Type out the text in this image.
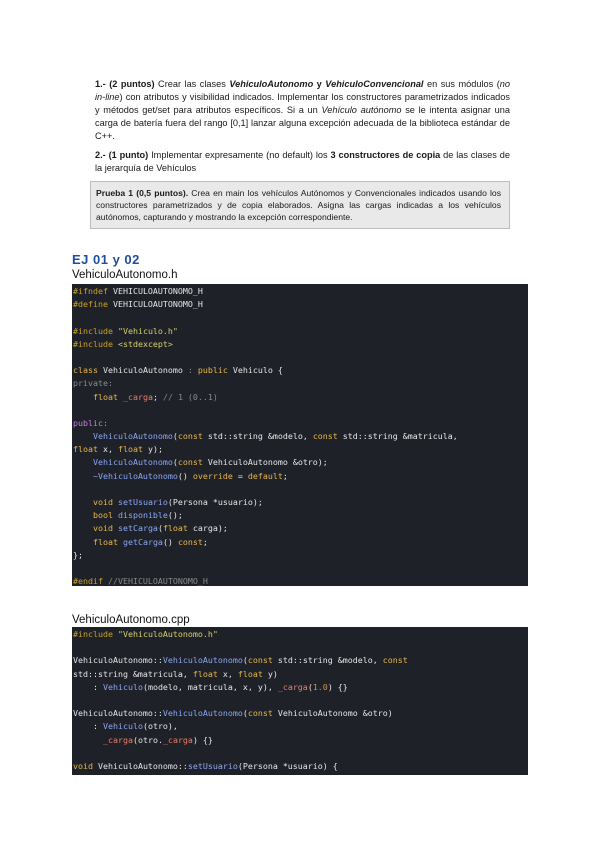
1.- (2 puntos) Crear las clases VehiculoAutonomo y VehiculoConvencional en sus módulos (no in-line) con atributos y visibilidad indicados. Implementar los constructores parametrizados indicados y métodos get/set para atributos específicos. Si a un Vehículo autónomo se le intenta asignar una carga de batería fuera del rango [0,1] lanzar alguna excepción adecuada de la biblioteca estándar de C++.

2.- (1 punto) Implementar expresamente (no default) los 3 constructores de copia de las clases de la jerarquía de Vehículos

Prueba 1 (0,5 puntos). Crea en main los vehículos Autónomos y Convencionales indicados usando los constructores parametrizados y de copia elaborados. Asigna las cargas indicadas a los vehículos autónomos, capturando y mostrando la excepción correspondiente.
EJ 01 y 02
VehiculoAutonomo.h
#ifndef VEHICULOAUTONOMO_H
#define VEHICULOAUTONOMO_H
#include "Vehiculo.h"
#include <stdexcept>
class VehiculoAutonomo : public Vehiculo {
private:
float _carga; // 1 (0..1)
public:
VehiculoAutonomo(const std::string &modelo, const std::string &matricula,
float x, float y);
VehiculoAutonomo(const VehiculoAutonomo &otro);
~VehiculoAutonomo() override = default;
void setUsuario(Persona *usuario);
bool disponible();
void setCarga(float carga);
float getCarga() const;
};
#endif //VEHICULOAUTONOMO_H
VehiculoAutonomo.cpp
#include "VehiculoAutonomo.h"
VehiculoAutonomo::VehiculoAutonomo(const std::string &modelo, const
std::string &matricula, float x, float y)
: Vehiculo(modelo, matricula, x, y), _carga(1.0) {}
VehiculoAutonomo::VehiculoAutonomo(const VehiculoAutonomo &otro)
: Vehiculo(otro),
_carga(otro._carga) {}
void VehiculoAutonomo::setUsuario(Persona *usuario) {
